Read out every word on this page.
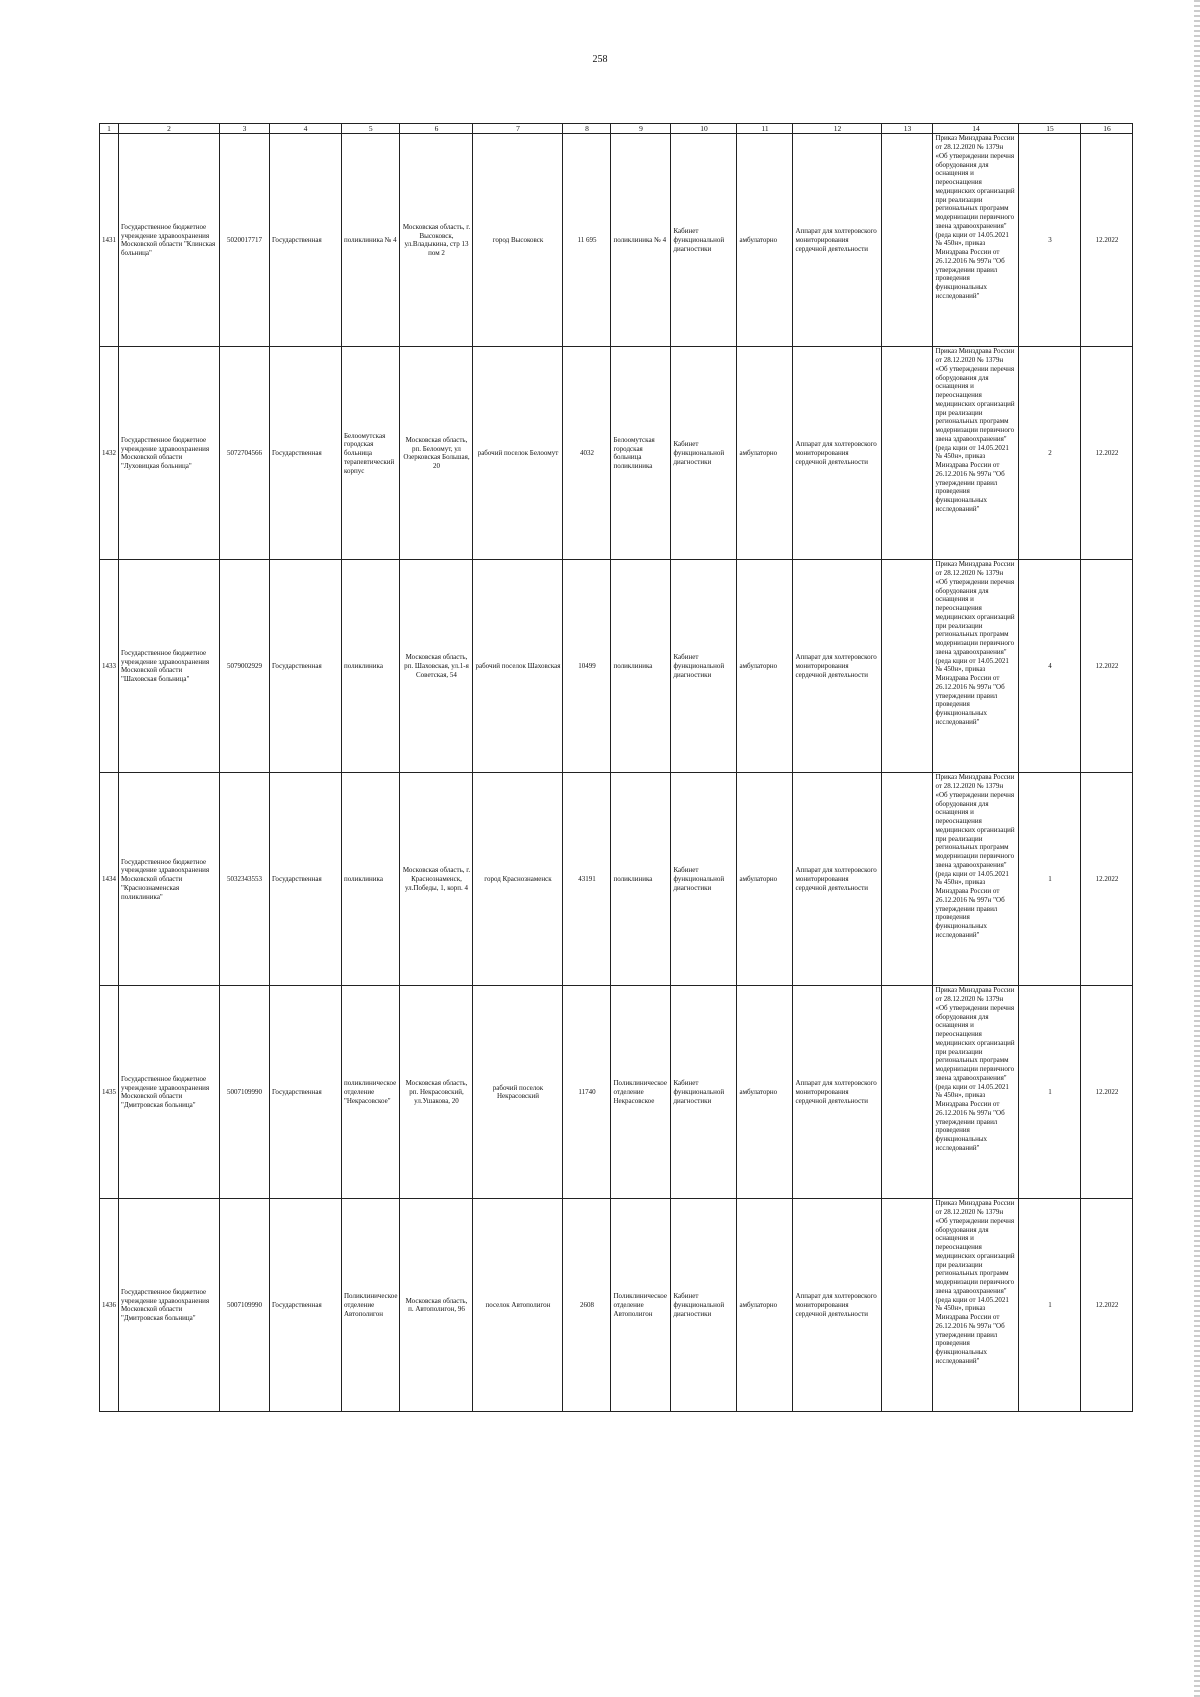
258
1	2	3	4	5	6	7	8	9	10	11	12	13	14	15	16
1431	Государственное бюджетное учреждение здравоохранения Московской области "Клинская больница"	5020017717	Государственная	поликлиника № 4	Московская область, г. Высоковск, ул.Владыкина, стр 13 пом 2	город Высоковск	11 695	поликлиника № 4	Кабинет функциональной диагностики	амбулаторно	Аппарат для холтеровского мониторирования сердечной деятельности		Приказ Минздрава России от 28.12.2020 № 1379н «Об утверждении перечня оборудования для оснащения и переоснащения медицинских организаций при реализации региональных программ модернизации первичного звена здравоохранения"(реда кции от 14.05.2021 № 450н», приказ Минздрава России от 26.12.2016 № 997н "Об утверждении правил проведения функциональных исследований"	3	12.2022
1432	Государственное бюджетное учреждение здравоохранения Московской области "Луховицкая больница"	5072704566	Государственная	Белоомутская городская больница терапевтический корпус	Московская область, рп. Белоомут, ул Озерковская Большая, 20	рабочий поселок Белоомут	4032	Белоомутская городская больница поликлиника	Кабинет функциональной диагностики	амбулаторно	Аппарат для холтеровского мониторирования сердечной деятельности		Приказ Минздрава России от 28.12.2020 № 1379н «Об утверждении перечня оборудования для оснащения и переоснащения медицинских организаций при реализации региональных программ модернизации первичного звена здравоохранения"(реда кции от 14.05.2021 № 450н», приказ Минздрава России от 26.12.2016 № 997н "Об утверждении правил проведения функциональных исследований"	2	12.2022
1433	Государственное бюджетное учреждение здравоохранения Московской области "Шаховская больница"	5079002929	Государственная	поликлиника	Московская область, рп. Шаховская, ул.1-я Советская, 54	рабочий поселок Шаховская	10499	поликлиника	Кабинет функциональной диагностики	амбулаторно	Аппарат для холтеровского мониторирования сердечной деятельности		Приказ Минздрава России от 28.12.2020 № 1379н «Об утверждении перечня оборудования для оснащения и переоснащения медицинских организаций при реализации региональных программ модернизации первичного звена здравоохранения"(реда кции от 14.05.2021 № 450н», приказ Минздрава России от 26.12.2016 № 997н "Об утверждении правил проведения функциональных исследований"	4	12.2022
1434	Государственное бюджетное учреждение здравоохранения Московской области "Краснознаменская поликлиника"	5032343553	Государственная	поликлиника	Московская область, г. Краснознаменск, ул.Победы, 1, корп. 4	город Краснознаменск	43191	поликлиника	Кабинет функциональной диагностики	амбулаторно	Аппарат для холтеровского мониторирования сердечной деятельности		Приказ Минздрава России от 28.12.2020 № 1379н «Об утверждении перечня оборудования для оснащения и переоснащения медицинских организаций при реализации региональных программ модернизации первичного звена здравоохранения"(реда кции от 14.05.2021 № 450н», приказ Минздрава России от 26.12.2016 № 997н "Об утверждении правил проведения функциональных исследований"	1	12.2022
1435	Государственное бюджетное учреждение здравоохранения Московской области "Дмитровская больница"	5007109990	Государственная	поликлиническое отделение "Некрасовское"	Московская область, рп. Некрасовский, ул.Ушакова, 20	рабочий поселок Некрасовский	11740	Поликлиническое отделение Некрасовское	Кабинет функциональной диагностики	амбулаторно	Аппарат для холтеровского мониторирования сердечной деятельности		Приказ Минздрава России от 28.12.2020 № 1379н «Об утверждении перечня оборудования для оснащения и переоснащения медицинских организаций при реализации региональных программ модернизации первичного звена здравоохранения"(реда кции от 14.05.2021 № 450н», приказ Минздрава России от 26.12.2016 № 997н "Об утверждении правил проведения функциональных исследований"	1	12.2022
1436	Государственное бюджетное учреждение здравоохранения Московской области "Дмитровская больница"	5007109990	Государственная	Поликлиническое отделение Автополигон	Московская область, п. Автополигон, 96	поселок Автополигон	2608	Поликлиническое отделение Автополигон	Кабинет функциональной диагностики	амбулаторно	Аппарат для холтеровского мониторирования сердечной деятельности		Приказ Минздрава России от 28.12.2020 № 1379н «Об утверждении перечня оборудования для оснащения и переоснащения медицинских организаций при реализации региональных программ модернизации первичного звена здравоохранения"(реда кции от 14.05.2021 № 450н», приказ Минздрава России от 26.12.2016 № 997н "Об утверждении правил проведения функциональных исследований"	1	12.2022
